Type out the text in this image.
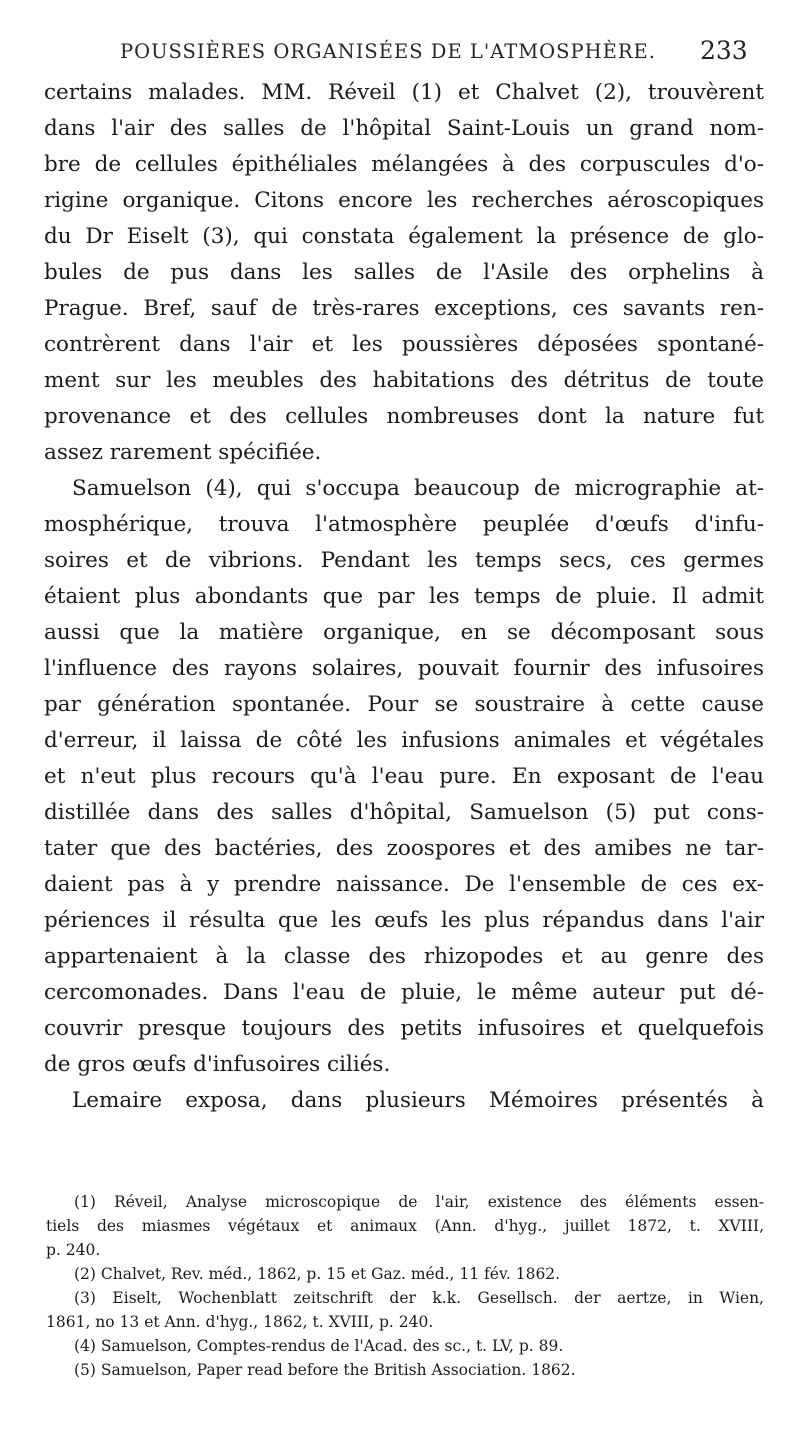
POUSSIÈRES ORGANISÉES DE L'ATMOSPHÈRE. 233
certains malades. MM. Réveil (1) et Chalvet (2), trouvèrent
dans l'air des salles de l'hôpital Saint-Louis un grand nom-
bre de cellules épithéliales mélangées à des corpuscules d'o-
rigine organique. Citons encore les recherches aéroscopiques
du Dr Eiselt (3), qui constata également la présence de glo-
bules de pus dans les salles de l'Asile des orphelins à
Prague. Bref, sauf de très-rares exceptions, ces savants ren-
contrèrent dans l'air et les poussières déposées spontané-
ment sur les meubles des habitations des détritus de toute
provenance et des cellules nombreuses dont la nature fut
assez rarement spécifiée.
Samuelson (4), qui s'occupa beaucoup de micrographie at-
mosphérique, trouva l'atmosphère peuplée d'œufs d'infu-
soires et de vibrions. Pendant les temps secs, ces germes
étaient plus abondants que par les temps de pluie. Il admit
aussi que la matière organique, en se décomposant sous
l'influence des rayons solaires, pouvait fournir des infusoires
par génération spontanée. Pour se soustraire à cette cause
d'erreur, il laissa de côté les infusions animales et végétales
et n'eut plus recours qu'à l'eau pure. En exposant de l'eau
distillée dans des salles d'hôpital, Samuelson (5) put cons-
tater que des bactéries, des zoospores et des amibes ne tar-
daient pas à y prendre naissance. De l'ensemble de ces ex-
périences il résulta que les œufs les plus répandus dans l'air
appartenaient à la classe des rhizopodes et au genre des
cercomonades. Dans l'eau de pluie, le même auteur put dé-
couvrir presque toujours des petits infusoires et quelquefois
de gros œufs d'infusoires ciliés.
Lemaire exposa, dans plusieurs Mémoires présentés à
(1) Réveil, Analyse microscopique de l'air, existence des éléments essen-
tiels des miasmes végétaux et animaux (Ann. d'hyg., juillet 1872, t. XVIII,
p. 240.
(2) Chalvet, Rev. méd., 1862, p. 15 et Gaz. méd., 11 fév. 1862.
(3) Eiselt, Wochenblatt zeitschrift der k.k. Gesellsch. der aertze, in Wien,
1861, no 13 et Ann. d'hyg., 1862, t. XVIII, p. 240.
(4) Samuelson, Comptes-rendus de l'Acad. des sc., t. LV, p. 89.
(5) Samuelson, Paper read before the British Association. 1862.
